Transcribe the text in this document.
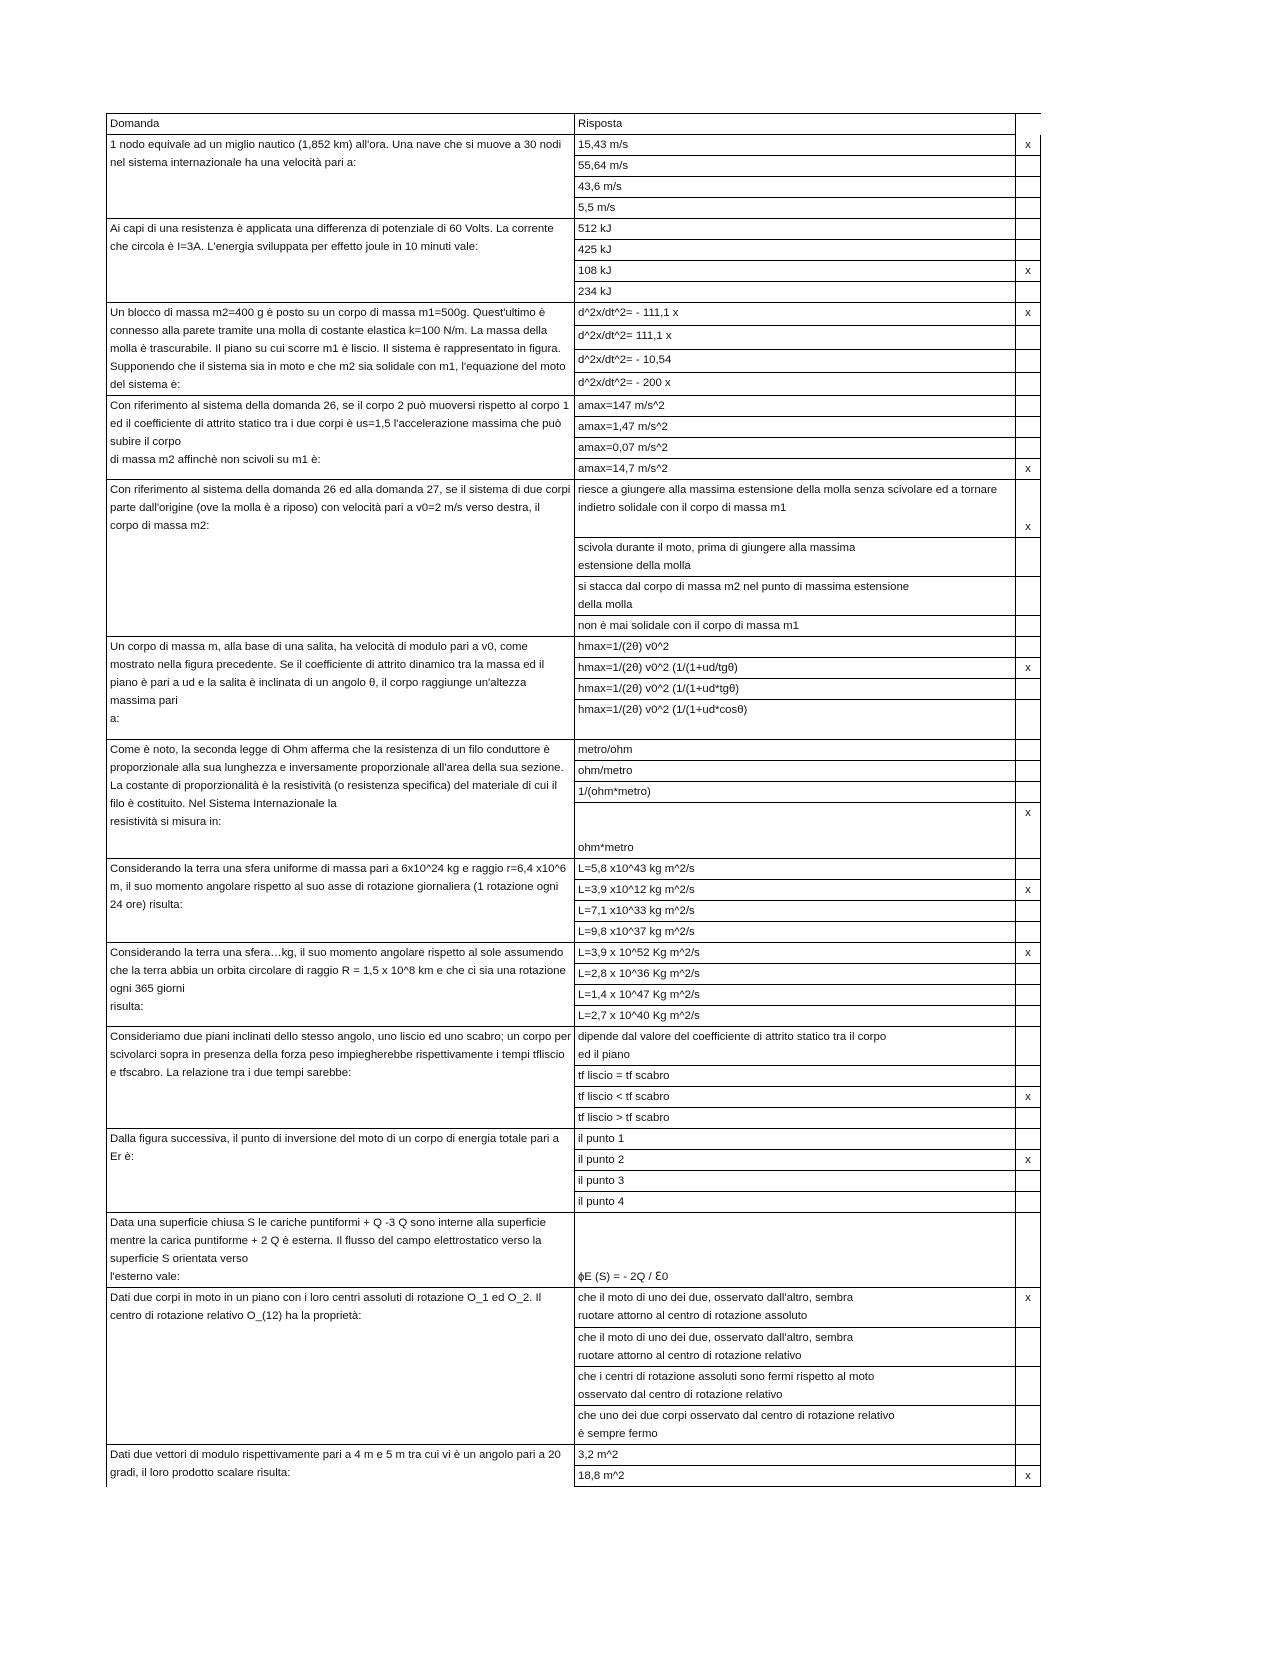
Domanda	Risposta	
1 nodo equivale ad un miglio nautico (1,852 km) all'ora. Una nave che si muove a 30 nodi nel sistema internazionale ha una velocità pari a:	15,43 m/s	x
	55,64 m/s	
	43,6 m/s	
	5,5 m/s	
Ai capi di una resistenza è applicata una differenza di potenziale di 60 Volts. La corrente che circola è I=3A. L'energia sviluppata per effetto joule in 10 minuti vale:	512 kJ	
	425 kJ	
	108 kJ	x
	234 kJ	
Un blocco di massa m2=400 g è posto su un corpo di massa m1=500g. Quest'ultimo è connesso alla parete tramite una molla di costante elastica k=100 N/m. La massa della molla è trascurabile. Il piano su cui scorre m1 è liscio. Il sistema è rappresentato in figura. Supponendo che il sistema sia in moto e che m2 sia solidale con m1, l'equazione del moto del sistema è:	d^2x/dt^2= - 111,1 x	x
	d^2x/dt^2= 111,1 x	
	d^2x/dt^2= - 10,54	
	d^2x/dt^2= - 200 x	
Con riferimento al sistema della domanda 26, se il corpo 2 può muoversi rispetto al corpo 1 ed il coefficiente di attrito statico tra i due corpi è us=1,5 l'accelerazione massima che può subire il corpo
di massa m2 affinchè non scivoli su m1 è:	amax=147 m/s^2	
	amax=1,47 m/s^2	
	amax=0,07 m/s^2	
	amax=14,7 m/s^2	x
Con riferimento al sistema della domanda 26 ed alla domanda 27, se il sistema di due corpi parte dall'origine (ove la molla è a riposo) con velocità pari a v0=2 m/s verso destra, il corpo di massa m2:	riesce a giungere alla massima estensione della molla senza scivolare ed a tornare indietro solidale con il corpo di massa m1	x
	scivola durante il moto, prima di giungere alla massima
estensione della molla	
	si stacca dal corpo di massa m2 nel punto di massima estensione
della molla	
	non è mai solidale con il corpo di massa m1	
Un corpo di massa m, alla base di una salita, ha velocità di modulo pari a v0, come mostrato nella figura precedente. Se il coefficiente di attrito dinamico tra la massa ed il piano è pari a ud e la salita è inclinata di un angolo θ, il corpo raggiunge un'altezza massima pari
a:	hmax=1/(2θ) v0^2	
	hmax=1/(2θ) v0^2 (1/(1+ud/tgθ)	x
	hmax=1/(2θ) v0^2 (1/(1+ud*tgθ)	
	hmax=1/(2θ) v0^2 (1/(1+ud*cosθ)	
Come è noto, la seconda legge di Ohm afferma che la resistenza di un filo conduttore è proporzionale alla sua lunghezza e inversamente proporzionale all'area della sua sezione. La costante di proporzionalità è la resistività (o resistenza specifica) del materiale di cui il filo è costituito. Nel Sistema Internazionale la
resistività si misura in:	metro/ohm	
	ohm/metro	
	1/(ohm*metro)	
	ohm*metro	x
Considerando la terra una sfera uniforme di massa pari a 6x10^24 kg e raggio r=6,4 x10^6 m, il suo momento angolare rispetto al suo asse di rotazione giornaliera (1 rotazione ogni 24 ore) risulta:	L=5,8 x10^43 kg m^2/s	
	L=3,9 x10^12 kg m^2/s	x
	L=7,1 x10^33 kg m^2/s	
	L=9,8 x10^37 kg m^2/s	
Considerando la terra una sfera…kg, il suo momento angolare rispetto al sole assumendo che la terra abbia un orbita circolare di raggio R = 1,5 x 10^8 km e che ci sia una rotazione ogni 365 giorni
risulta:	L=3,9 x 10^52 Kg m^2/s	x
	L=2,8 x 10^36 Kg m^2/s	
	L=1,4 x 10^47 Kg m^2/s	
	L=2,7 x 10^40 Kg m^2/s	
Consideriamo due piani inclinati dello stesso angolo, uno liscio ed uno scabro; un corpo per scivolarci sopra in presenza della forza peso impiegherebbe rispettivamente i tempi tfliscio e tfscabro. La relazione tra i due tempi sarebbe:	dipende dal valore del coefficiente di attrito statico tra il corpo
ed il piano	
	tf liscio = tf scabro	
	tf liscio < tf scabro	x
	tf liscio > tf scabro	
Dalla figura successiva, il punto di inversione del moto di un corpo di energia totale pari a Er è:	il punto 1	
	il punto 2	x
	il punto 3	
	il punto 4	
Data una superficie chiusa S le cariche puntiformi + Q -3 Q sono interne alla superficie mentre la carica puntiforme + 2 Q è esterna. Il flusso del campo elettrostatico verso la superficie S orientata verso
l'esterno vale:	ɸE (S) = - 2Q / ℇ0	
Dati due corpi in moto in un piano con i loro centri assoluti di rotazione O_1 ed O_2. Il centro di rotazione relativo O_(12) ha la proprietà:	che il moto di uno dei due, osservato dall'altro, sembra
ruotare attorno al centro di rotazione assoluto	x
	che il moto di uno dei due, osservato dall'altro, sembra
ruotare attorno al centro di rotazione relativo	
	che i centri di rotazione assoluti sono fermi rispetto al moto
osservato dal centro di rotazione relativo	
	che uno dei due corpi osservato dal centro di rotazione relativo
è sempre fermo	
Dati due vettori di modulo rispettivamente pari a 4 m e 5 m tra cui vi è un angolo pari a 20 gradi, il loro prodotto scalare risulta:	3,2 m^2	
	18,8 m^2	x
